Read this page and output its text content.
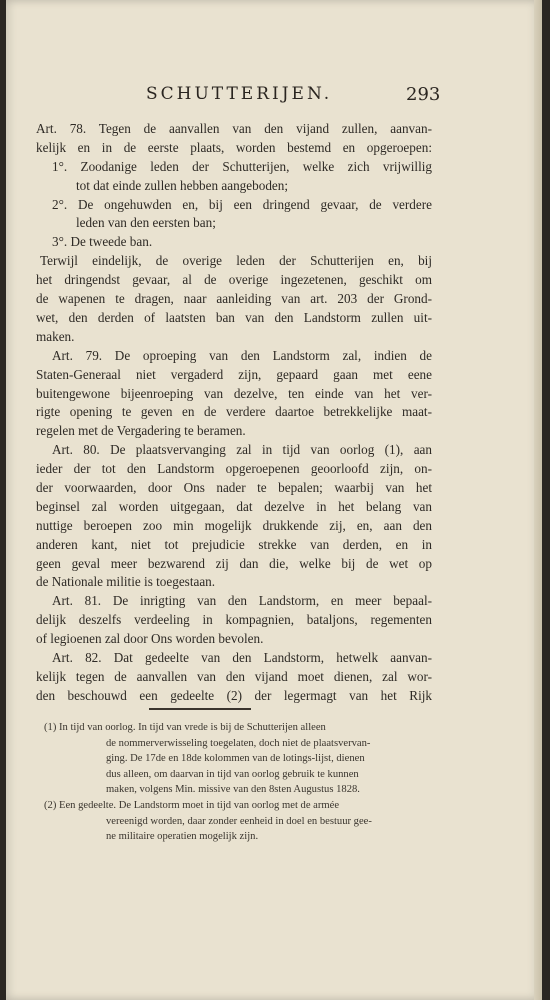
SCHUTTERIJEN.	293
Art. 78. Tegen de aanvallen van den vijand zullen, aanvan-
kelijk en in de eerste plaats, worden bestemd en opgeroepen:
1°. Zoodanige leden der Schutterijen, welke zich vrijwillig
tot dat einde zullen hebben aangeboden;
2°. De ongehuwden en, bij een dringend gevaar, de verdere
leden van den eersten ban;
3°. De tweede ban.
Terwijl eindelijk, de overige leden der Schutterijen en, bij
het dringendst gevaar, al de overige ingezetenen, geschikt om
de wapenen te dragen, naar aanleiding van art. 203 der Grond-
wet, den derden of laatsten ban van den Landstorm zullen uit-
maken.
Art. 79. De oproeping van den Landstorm zal, indien de
Staten-Generaal niet vergaderd zijn, gepaard gaan met eene
buitengewone bijeenroeping van dezelve, ten einde van het ver-
rigte opening te geven en de verdere daartoe betrekkelijke maat-
regelen met de Vergadering te beramen.
Art. 80. De plaatsvervanging zal in tijd van oorlog (1), aan
ieder der tot den Landstorm opgeroepenen geoorloofd zijn, on-
der voorwaarden, door Ons nader te bepalen; waarbij van het
beginsel zal worden uitgegaan, dat dezelve in het belang van
nuttige beroepen zoo min mogelijk drukkende zij, en, aan den
anderen kant, niet tot prejudicie strekke van derden, en in
geen geval meer bezwarend zij dan die, welke bij de wet op
de Nationale militie is toegestaan.
Art. 81. De inrigting van den Landstorm, en meer bepaal-
delijk deszelfs verdeeling in kompagnien, bataljons, regementen
of legioenen zal door Ons worden bevolen.
Art. 82. Dat gedeelte van den Landstorm, hetwelk aanvan-
kelijk tegen de aanvallen van den vijand moet dienen, zal wor-
den beschouwd een gedeelte (2) der legermagt van het Rijk
(1) In tijd van oorlog. In tijd van vrede is bij de Schutterijen alleen
de nommerverwisseling toegelaten, doch niet de plaatsvervan-
ging. De 17de en 18de kolommen van de lotings-lijst, dienen
dus alleen, om daarvan in tijd van oorlog gebruik te kunnen
maken, volgens Min. missive van den 8sten Augustus 1828.
(2) Een gedeelte. De Landstorm moet in tijd van oorlog met de armée
vereenigd worden, daar zonder eenheid in doel en bestuur gee-
ne militaire operatien mogelijk zijn.
